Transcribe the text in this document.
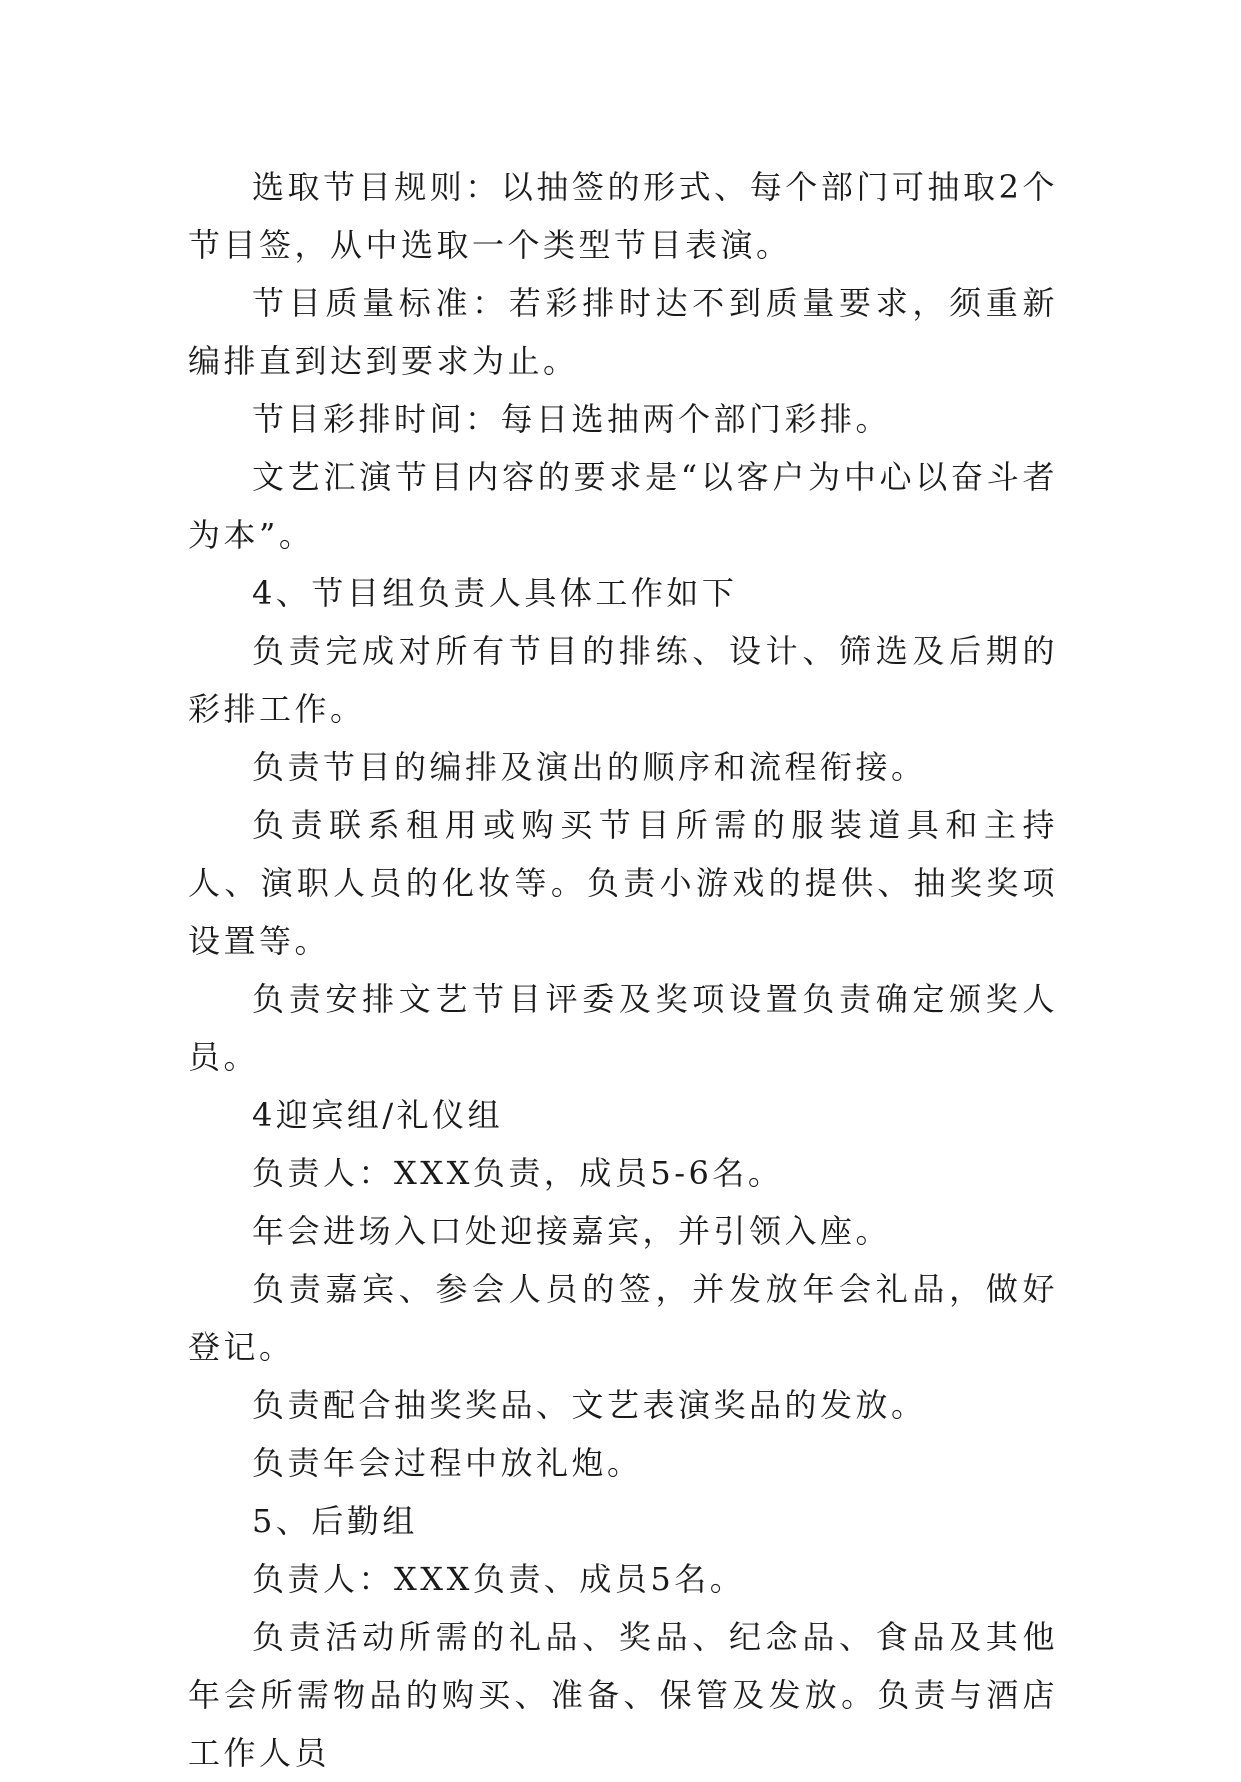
选取节目规则：以抽签的形式、每个部门可抽取2个节目签，从中选取一个类型节目表演。

节目质量标准：若彩排时达不到质量要求，须重新编排直到达到要求为止。

节目彩排时间：每日选抽两个部门彩排。

文艺汇演节目内容的要求是“以客户为中心以奋斗者为本”。

4、节目组负责人具体工作如下

负责完成对所有节目的排练、设计、筛选及后期的彩排工作。

负责节目的编排及演出的顺序和流程衔接。

负责联系租用或购买节目所需的服装道具和主持人、演职人员的化妆等。负责小游戏的提供、抽奖奖项设置等。

负责安排文艺节目评委及奖项设置负责确定颁奖人员。

4迎宾组/礼仪组

负责人：XXX负责，成员5-6名。

年会进场入口处迎接嘉宾，并引领入座。

负责嘉宾、参会人员的签，并发放年会礼品，做好登记。

负责配合抽奖奖品、文艺表演奖品的发放。

负责年会过程中放礼炮。

5、后勤组

负责人：XXX负责、成员5名。

负责活动所需的礼品、奖品、纪念品、食品及其他年会所需物品的购买、准备、保管及发放。负责与酒店工作人员
